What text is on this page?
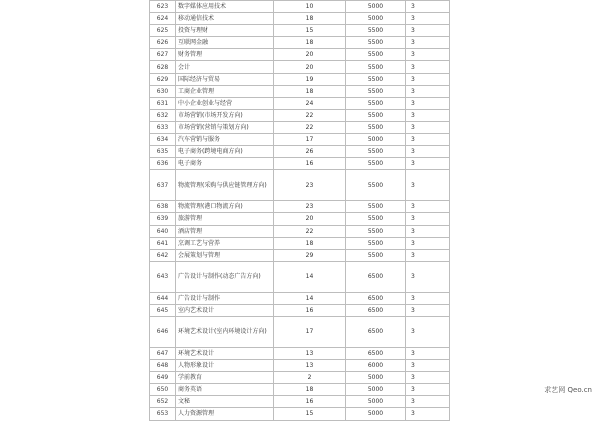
623	数字媒体应用技术	10	5000	3
624	移动通信技术	18	5000	3
625	投资与理财	15	5500	3
626	互联网金融	18	5500	3
627	财务管理	20	5500	3
628	会计	20	5500	3
629	国际经济与贸易	19	5500	3
630	工商企业管理	18	5500	3
631	中小企业创业与经营	24	5500	3
632	市场营销(市场开发方向)	22	5500	3
633	市场营销(营销与策划方向)	22	5500	3
634	汽车营销与服务	17	5000	3
635	电子商务(跨境电商方向)	26	5500	3
636	电子商务	16	5500	3
637	物流管理(采购与供应链管理方向)	23	5500	3
638	物流管理(港口物流方向)	23	5500	3
639	旅游管理	20	5500	3
640	酒店管理	22	5500	3
641	烹调工艺与营养	18	5500	3
642	会展策划与管理	29	5500	3
643	广告设计与制作(动态广告方向)	14	6500	3
644	广告设计与制作	14	6500	3
645	室内艺术设计	16	6500	3
646	环境艺术设计(室内环境设计方向)	17	6500	3
647	环境艺术设计	13	6500	3
648	人物形象设计	13	6000	3
649	学前教育	2	5000	3
650	商务英语	18	5000	3
652	文秘	16	5000	3
653	人力资源管理	15	5000	3
求艺网 Qeo.cn
